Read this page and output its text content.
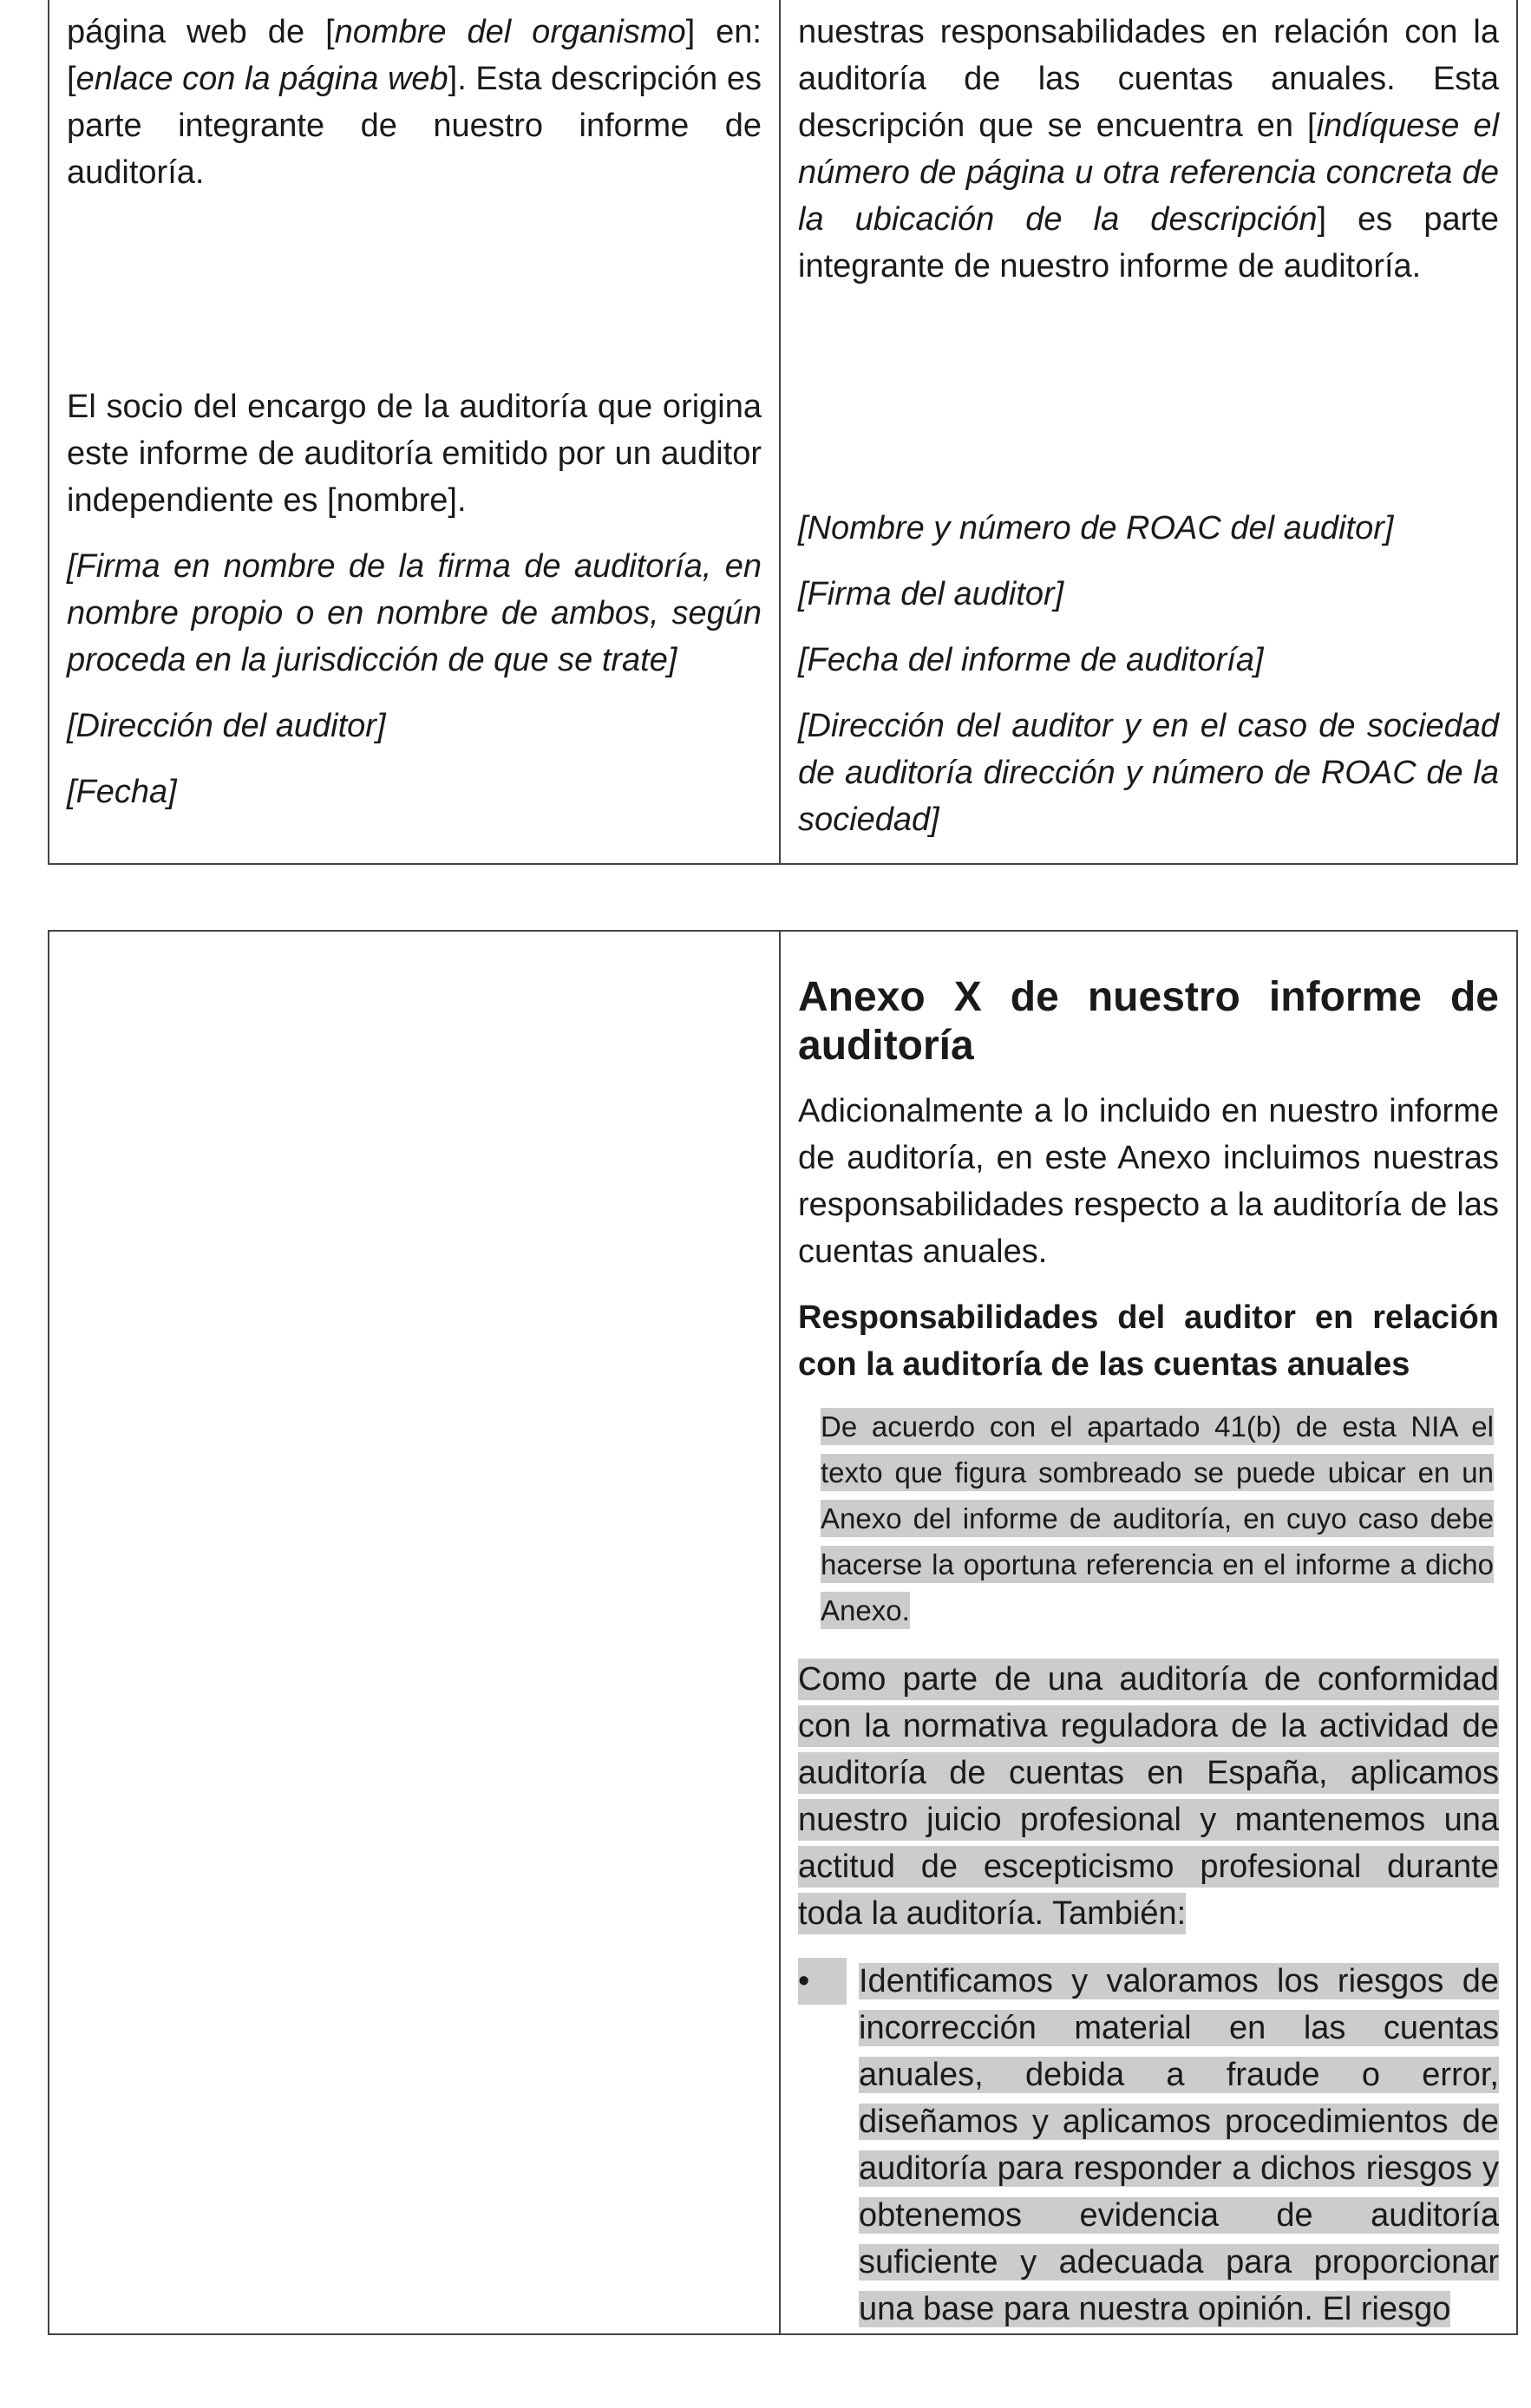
página web de [nombre del organismo] en: [enlace con la página web]. Esta descripción es parte integrante de nuestro informe de auditoría.

El socio del encargo de la auditoría que origina este informe de auditoría emitido por un auditor independiente es [nombre].

[Firma en nombre de la firma de auditoría, en nombre propio o en nombre de ambos, según proceda en la jurisdicción de que se trate]

[Dirección del auditor]

[Fecha]

nuestras responsabilidades en relación con la auditoría de las cuentas anuales. Esta descripción que se encuentra en [indíquese el número de página u otra referencia concreta de la ubicación de la descripción] es parte integrante de nuestro informe de auditoría.

[Nombre y número de ROAC del auditor]

[Firma del auditor]

[Fecha del informe de auditoría]

[Dirección del auditor y en el caso de sociedad de auditoría dirección y número de ROAC de la sociedad]

Anexo X de nuestro informe de auditoría

Adicionalmente a lo incluido en nuestro informe de auditoría, en este Anexo incluimos nuestras responsabilidades respecto a la auditoría de las cuentas anuales.

Responsabilidades del auditor en relación con la auditoría de las cuentas anuales

De acuerdo con el apartado 41(b) de esta NIA el texto que figura sombreado se puede ubicar en un Anexo del informe de auditoría, en cuyo caso debe hacerse la oportuna referencia en el informe a dicho Anexo.

Como parte de una auditoría de conformidad con la normativa reguladora de la actividad de auditoría de cuentas en España, aplicamos nuestro juicio profesional y mantenemos una actitud de escepticismo profesional durante toda la auditoría. También:

•	Identificamos y valoramos los riesgos de incorrección material en las cuentas anuales, debida a fraude o error, diseñamos y aplicamos procedimientos de auditoría para responder a dichos riesgos y obtenemos evidencia de auditoría suficiente y adecuada para proporcionar una base para nuestra opinión. El riesgo
